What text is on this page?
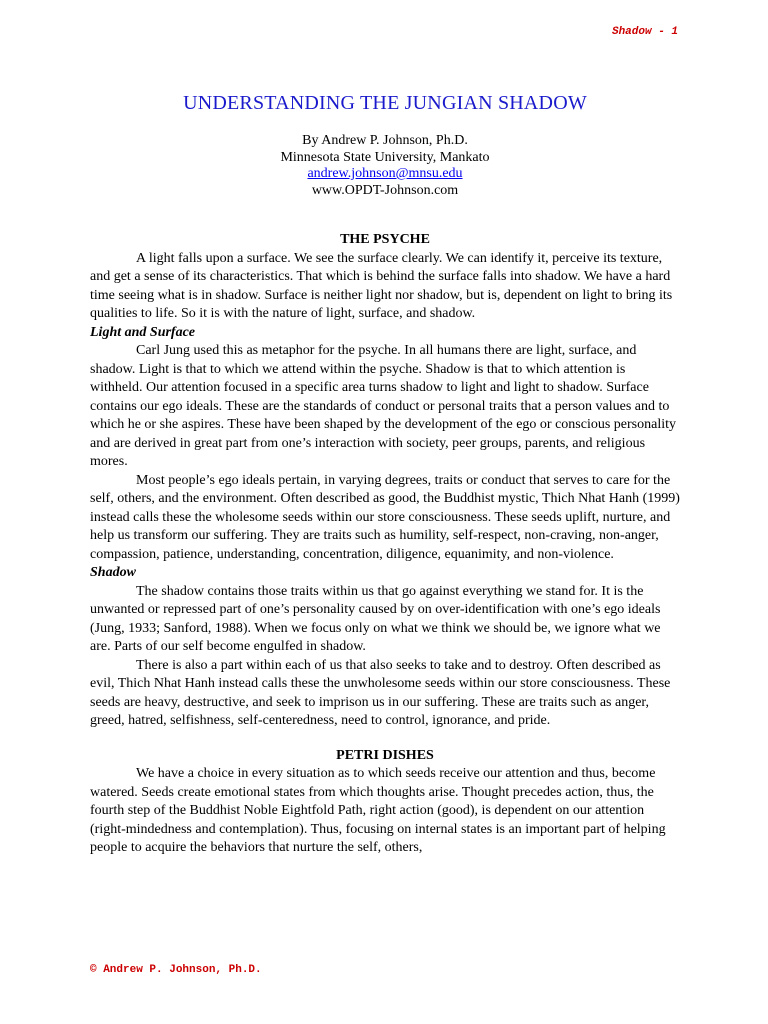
Shadow - 1
UNDERSTANDING THE JUNGIAN SHADOW
By Andrew P. Johnson, Ph.D.
Minnesota State University, Mankato
andrew.johnson@mnsu.edu
www.OPDT-Johnson.com
THE PSYCHE

A light falls upon a surface. We see the surface clearly. We can identify it, perceive its texture, and get a sense of its characteristics. That which is behind the surface falls into shadow. We have a hard time seeing what is in shadow. Surface is neither light nor shadow, but is, dependent on light to bring its qualities to life. So it is with the nature of light, surface, and shadow.

Light and Surface

Carl Jung used this as metaphor for the psyche. In all humans there are light, surface, and shadow. Light is that to which we attend within the psyche. Shadow is that to which attention is withheld. Our attention focused in a specific area turns shadow to light and light to shadow. Surface contains our ego ideals. These are the standards of conduct or personal traits that a person values and to which he or she aspires. These have been shaped by the development of the ego or conscious personality and are derived in great part from one’s interaction with society, peer groups, parents, and religious mores.

Most people’s ego ideals pertain, in varying degrees, traits or conduct that serves to care for the self, others, and the environment. Often described as good, the Buddhist mystic, Thich Nhat Hanh (1999) instead calls these the wholesome seeds within our store consciousness. These seeds uplift, nurture, and help us transform our suffering. They are traits such as humility, self-respect, non-craving, non-anger, compassion, patience, understanding, concentration, diligence, equanimity, and non-violence.

Shadow

The shadow contains those traits within us that go against everything we stand for. It is the unwanted or repressed part of one’s personality caused by on over-identification with one’s ego ideals (Jung, 1933; Sanford, 1988). When we focus only on what we think we should be, we ignore what we are. Parts of our self become engulfed in shadow.

There is also a part within each of us that also seeks to take and to destroy. Often described as evil, Thich Nhat Hanh instead calls these the unwholesome seeds within our store consciousness. These seeds are heavy, destructive, and seek to imprison us in our suffering. These are traits such as anger, greed, hatred, selfishness, self-centeredness, need to control, ignorance, and pride.

PETRI DISHES

We have a choice in every situation as to which seeds receive our attention and thus, become watered. Seeds create emotional states from which thoughts arise. Thought precedes action, thus, the fourth step of the Buddhist Noble Eightfold Path, right action (good), is dependent on our attention (right-mindedness and contemplation). Thus, focusing on internal states is an important part of helping people to acquire the behaviors that nurture the self, others,

© Andrew P. Johnson, Ph.D.
